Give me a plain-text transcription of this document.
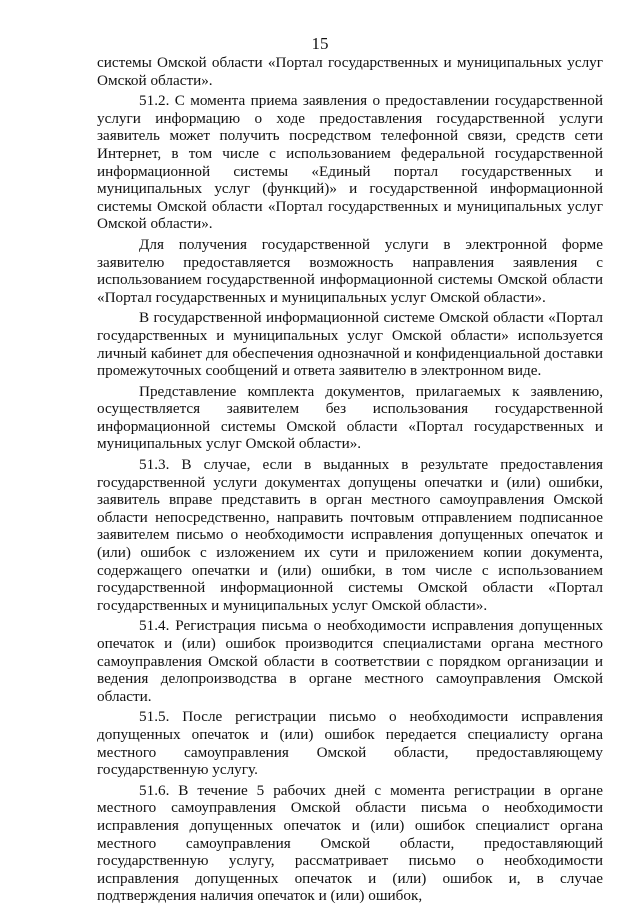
15

системы Омской области «Портал государственных и муниципальных услуг Омской области».

51.2. С момента приема заявления о предоставлении государственной услуги информацию о ходе предоставления государственной услуги заявитель может получить посредством телефонной связи, средств сети Интернет, в том числе с использованием федеральной государственной информационной системы «Единый портал государственных и муниципальных услуг (функций)» и государственной информационной системы Омской области «Портал государственных и муниципальных услуг Омской области».

Для получения государственной услуги в электронной форме заявителю предоставляется возможность направления заявления с использованием государственной информационной системы Омской области «Портал государственных и муниципальных услуг Омской области».

В государственной информационной системе Омской области «Портал государственных и муниципальных услуг Омской области» используется личный кабинет для обеспечения однозначной и конфиденциальной доставки промежуточных сообщений и ответа заявителю в электронном виде.

Представление комплекта документов, прилагаемых к заявлению, осуществляется заявителем без использования государственной информационной системы Омской области «Портал государственных и муниципальных услуг Омской области».

51.3. В случае, если в выданных в результате предоставления государственной услуги документах допущены опечатки и (или) ошибки, заявитель вправе представить в орган местного самоуправления Омской области непосредственно, направить почтовым отправлением подписанное заявителем письмо о необходимости исправления допущенных опечаток и (или) ошибок с изложением их сути и приложением копии документа, содержащего опечатки и (или) ошибки, в том числе с использованием государственной информационной системы Омской области «Портал государственных и муниципальных услуг Омской области».

51.4. Регистрация письма о необходимости исправления допущенных опечаток и (или) ошибок производится специалистами органа местного самоуправления Омской области в соответствии с порядком организации и ведения делопроизводства в органе местного самоуправления Омской области.

51.5. После регистрации письмо о необходимости исправления допущенных опечаток и (или) ошибок передается специалисту органа местного самоуправления Омской области, предоставляющему государственную услугу.

51.6. В течение 5 рабочих дней с момента регистрации в органе местного самоуправления Омской области письма о необходимости исправления допущенных опечаток и (или) ошибок специалист органа местного самоуправления Омской области, предоставляющий государственную услугу, рассматривает письмо о необходимости исправления допущенных опечаток и (или) ошибок и, в случае подтверждения наличия опечаток и (или) ошибок,
